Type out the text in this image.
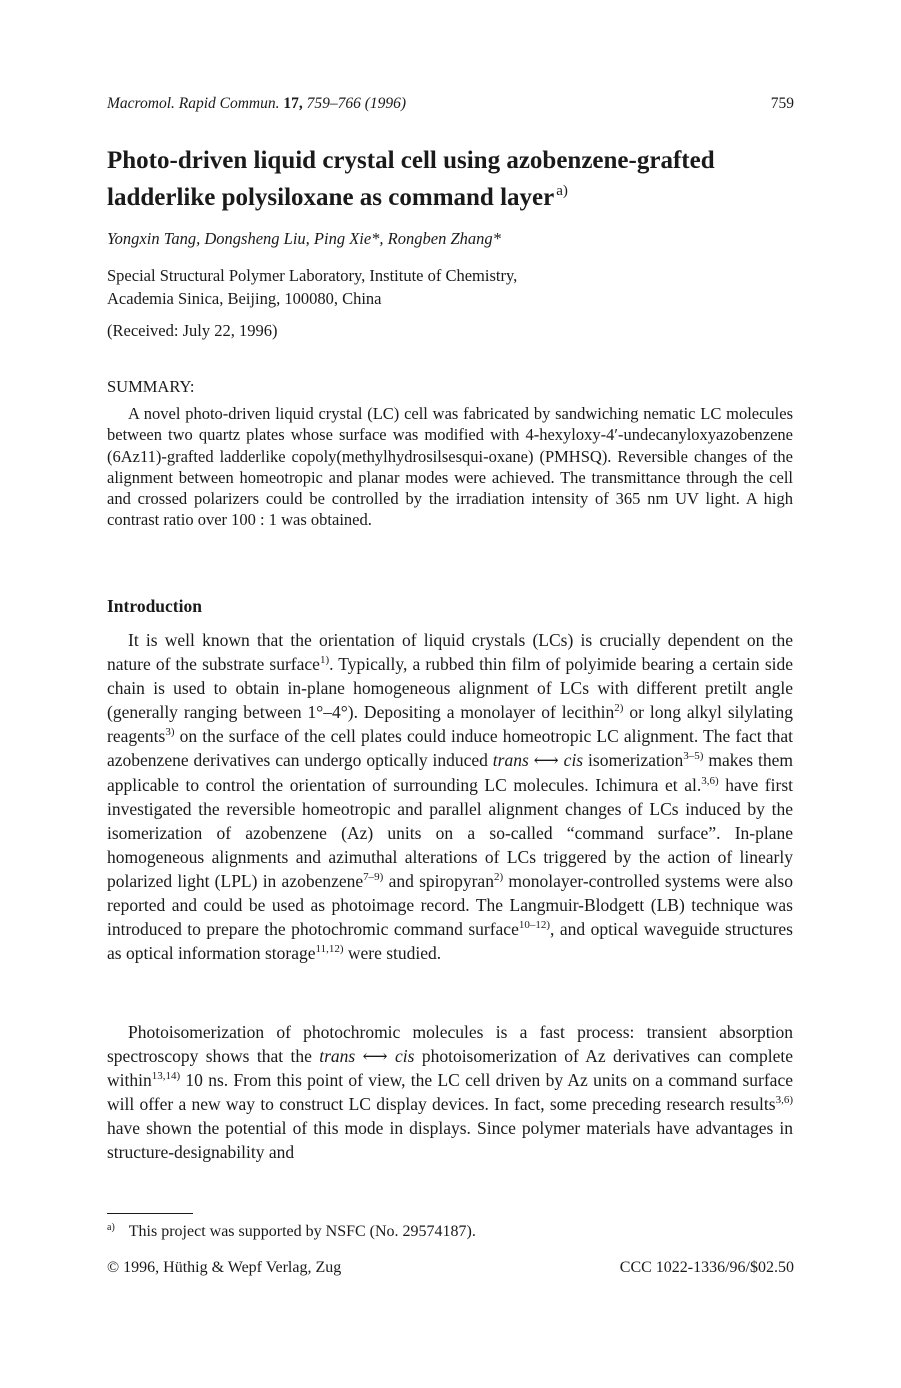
Macromol. Rapid Commun. 17, 759–766 (1996)	759
Photo-driven liquid crystal cell using azobenzene-grafted ladderlike polysiloxane as command layer $^{a)}$
Yongxin Tang, Dongsheng Liu, Ping Xie*, Rongben Zhang*
Special Structural Polymer Laboratory, Institute of Chemistry,
Academia Sinica, Beijing, 100080, China
(Received: July 22, 1996)
SUMMARY:

A novel photo-driven liquid crystal (LC) cell was fabricated by sandwiching nematic LC molecules between two quartz plates whose surface was modified with 4-hexyloxy-4′-undecanyloxyazobenzene (6Az11)-grafted ladderlike copoly(methylhydrosilsesqui-oxane) (PMHSQ). Reversible changes of the alignment between homeotropic and planar modes were achieved. The transmittance through the cell and crossed polarizers could be controlled by the irradiation intensity of 365 nm UV light. A high contrast ratio over 100 : 1 was obtained.

Introduction

It is well known that the orientation of liquid crystals (LCs) is crucially dependent on the nature of the substrate surface$^{1)}$. Typically, a rubbed thin film of polyimide bearing a certain side chain is used to obtain in-plane homogeneous alignment of LCs with different pretilt angle (generally ranging between 1°–4°). Depositing a monolayer of lecithin$^{2)}$ or long alkyl silylating reagents$^{3)}$ on the surface of the cell plates could induce homeotropic LC alignment. The fact that azobenzene derivatives can undergo optically induced trans ⟷ cis isomerization$^{3-5)}$ makes them applicable to control the orientation of surrounding LC molecules. Ichimura et al.$^{3,6)}$ have first investigated the reversible homeotropic and parallel alignment changes of LCs induced by the isomerization of azobenzene (Az) units on a so-called “command surface”. In-plane homogeneous alignments and azimuthal alterations of LCs triggered by the action of linearly polarized light (LPL) in azobenzene$^{7-9)}$ and spiropyran$^{2)}$ monolayer-controlled systems were also reported and could be used as photoimage record. The Langmuir-Blodgett (LB) technique was introduced to prepare the photochromic command surface$^{10-12)}$, and optical waveguide structures as optical information storage$^{11,12)}$ were studied.

Photoisomerization of photochromic molecules is a fast process: transient absorption spectroscopy shows that the trans ⟷ cis photoisomerization of Az derivatives can complete within$^{13,14)}$ 10 ns. From this point of view, the LC cell driven by Az units on a command surface will offer a new way to construct LC display devices. In fact, some preceding research results$^{3,6)}$ have shown the potential of this mode in displays. Since polymer materials have advantages in structure-designability and

$^{a)}$ This project was supported by NSFC (No. 29574187).
© 1996, Hüthig & Wepf Verlag, Zug	CCC 1022-1336/96/$02.50
